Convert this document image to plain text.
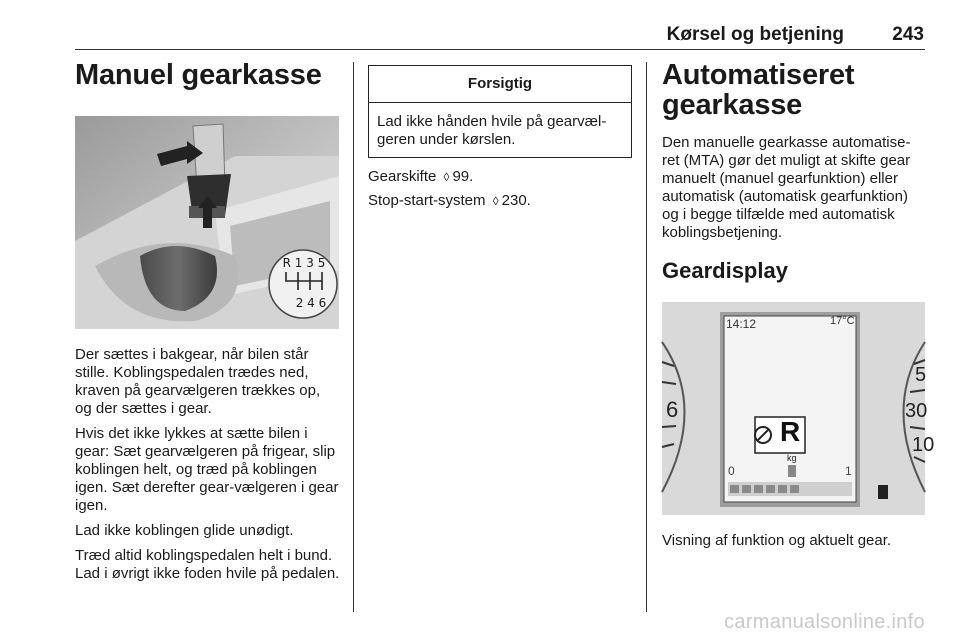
Kørsel og betjening	243
Manuel gearkasse
R 1 3 5
2 4 6

Der sættes i bakgear, når bilen står stille. Koblingspedalen trædes ned, kraven på gearvælgeren trækkes op, og der sættes i gear.

Hvis det ikke lykkes at sætte bilen i gear: Sæt gearvælgeren på frigear, slip koblingen helt, og træd på koblingen igen. Sæt derefter gear-vælgeren i gear igen.

Lad ikke koblingen glide unødigt.

Træd altid koblingspedalen helt i bund. Lad i øvrigt ikke foden hvile på pedalen.

Forsigtig
Lad ikke hånden hvile på gearvæl-geren under kørslen.
Gearskifte ◊ 99.
Stop-start-system ◊ 230.
Automatiseret gearkasse

Den manuelle gearkasse automatise-ret (MTA) gør det muligt at skifte gear manuelt (manuel gearfunktion) eller automatisk (automatisk gearfunktion) og i begge tilfælde med automatisk koblingsbetjening.

Geardisplay
14:12	17°C
R
kg
0	1
6
5
30
10

Visning af funktion og aktuelt gear.

carmanualsonline.info
